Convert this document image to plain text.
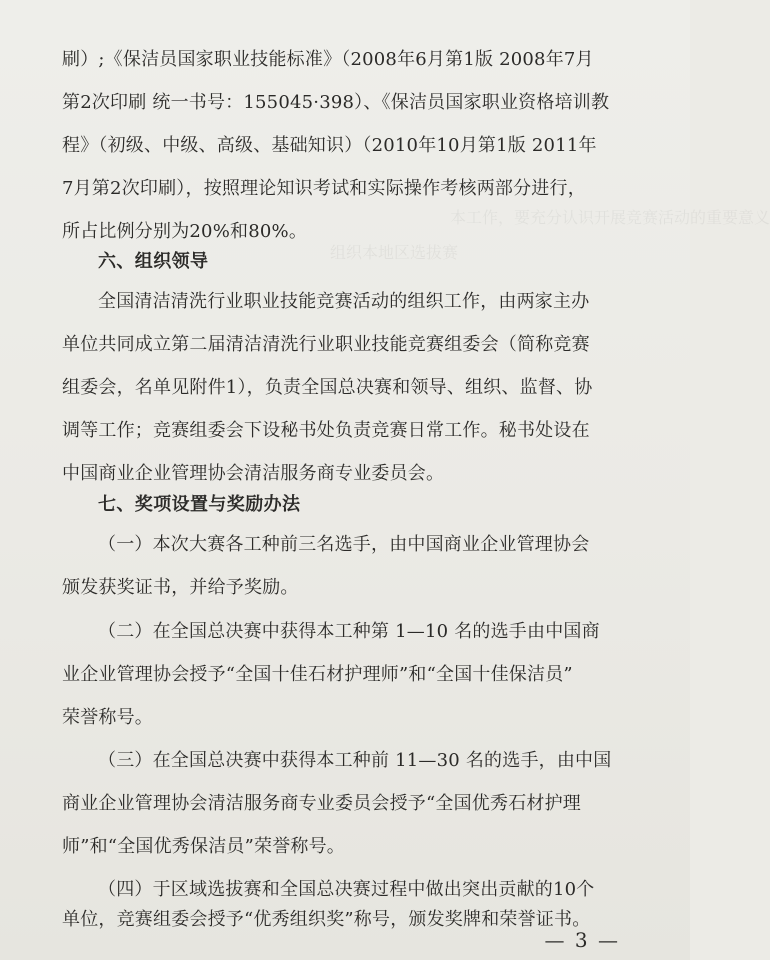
本工作，要充分认识开展竞赛活动的重要意义
组织本地区选拔赛
刷）;《保洁员国家职业技能标准》（2008年6月第1版 2008年7月
第2次印刷 统一书号：155045·398）、《保洁员国家职业资格培训教
程》（初级、中级、高级、基础知识）（2010年10月第1版 2011年
7月第2次印刷），按照理论知识考试和实际操作考核两部分进行，
所占比例分别为20%和80%。
六、组织领导
全国清洁清洗行业职业技能竞赛活动的组织工作，由两家主办
单位共同成立第二届清洁清洗行业职业技能竞赛组委会（简称竞赛
组委会，名单见附件1），负责全国总决赛和领导、组织、监督、协
调等工作；竞赛组委会下设秘书处负责竞赛日常工作。秘书处设在
中国商业企业管理协会清洁服务商专业委员会。
七、奖项设置与奖励办法
（一）本次大赛各工种前三名选手，由中国商业企业管理协会
颁发获奖证书，并给予奖励。
（二）在全国总决赛中获得本工种第 1—10 名的选手由中国商
业企业管理协会授予“全国十佳石材护理师”和“全国十佳保洁员”
荣誉称号。
（三）在全国总决赛中获得本工种前 11—30 名的选手，由中国
商业企业管理协会清洁服务商专业委员会授予“全国优秀石材护理
师”和“全国优秀保洁员”荣誉称号。
（四）于区域选拔赛和全国总决赛过程中做出突出贡献的10个
单位，竞赛组委会授予“优秀组织奖”称号，颁发奖牌和荣誉证书。
— 3 —
